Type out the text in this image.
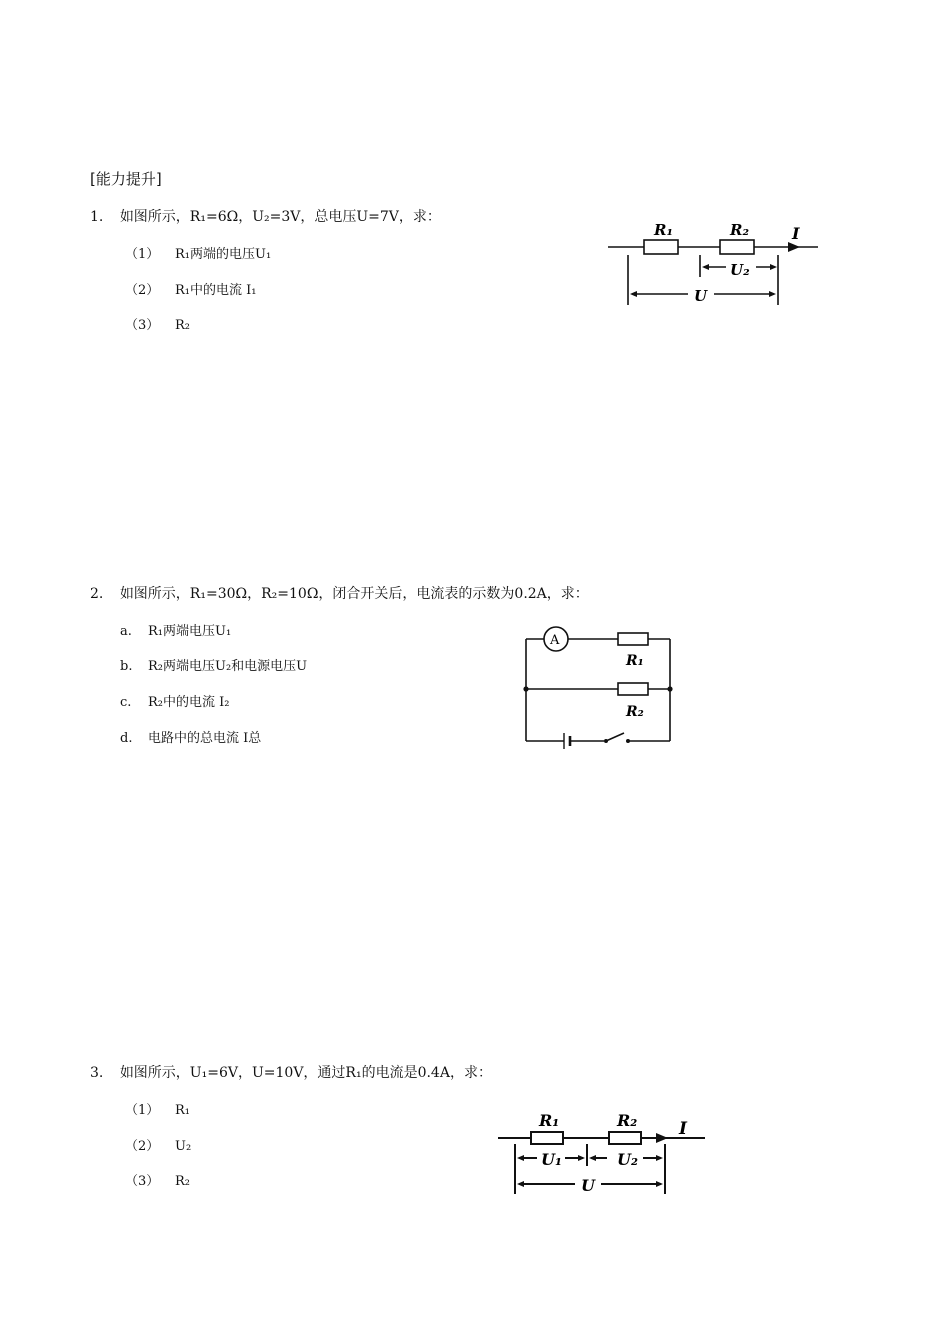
[能力提升]
1. 如图所示，R₁=6Ω，U₂=3V，总电压U=7V，求：
（1） R₁两端的电压U₁
（2） R₁中的电流 I₁
（3） R₂
R₁	R₂	I
U₂
U
2. 如图所示，R₁=30Ω，R₂=10Ω，闭合开关后，电流表的示数为0.2A，求：
a. R₁两端电压U₁
b. R₂两端电压U₂和电源电压U
c. R₂中的电流 I₂
d. 电路中的总电流 I总
A
R₁
R₂
3. 如图所示，U₁=6V，U=10V，通过R₁的电流是0.4A，求：
（1） R₁
（2） U₂
（3） R₂
R₁	R₂ I
U₁	U₂
U
